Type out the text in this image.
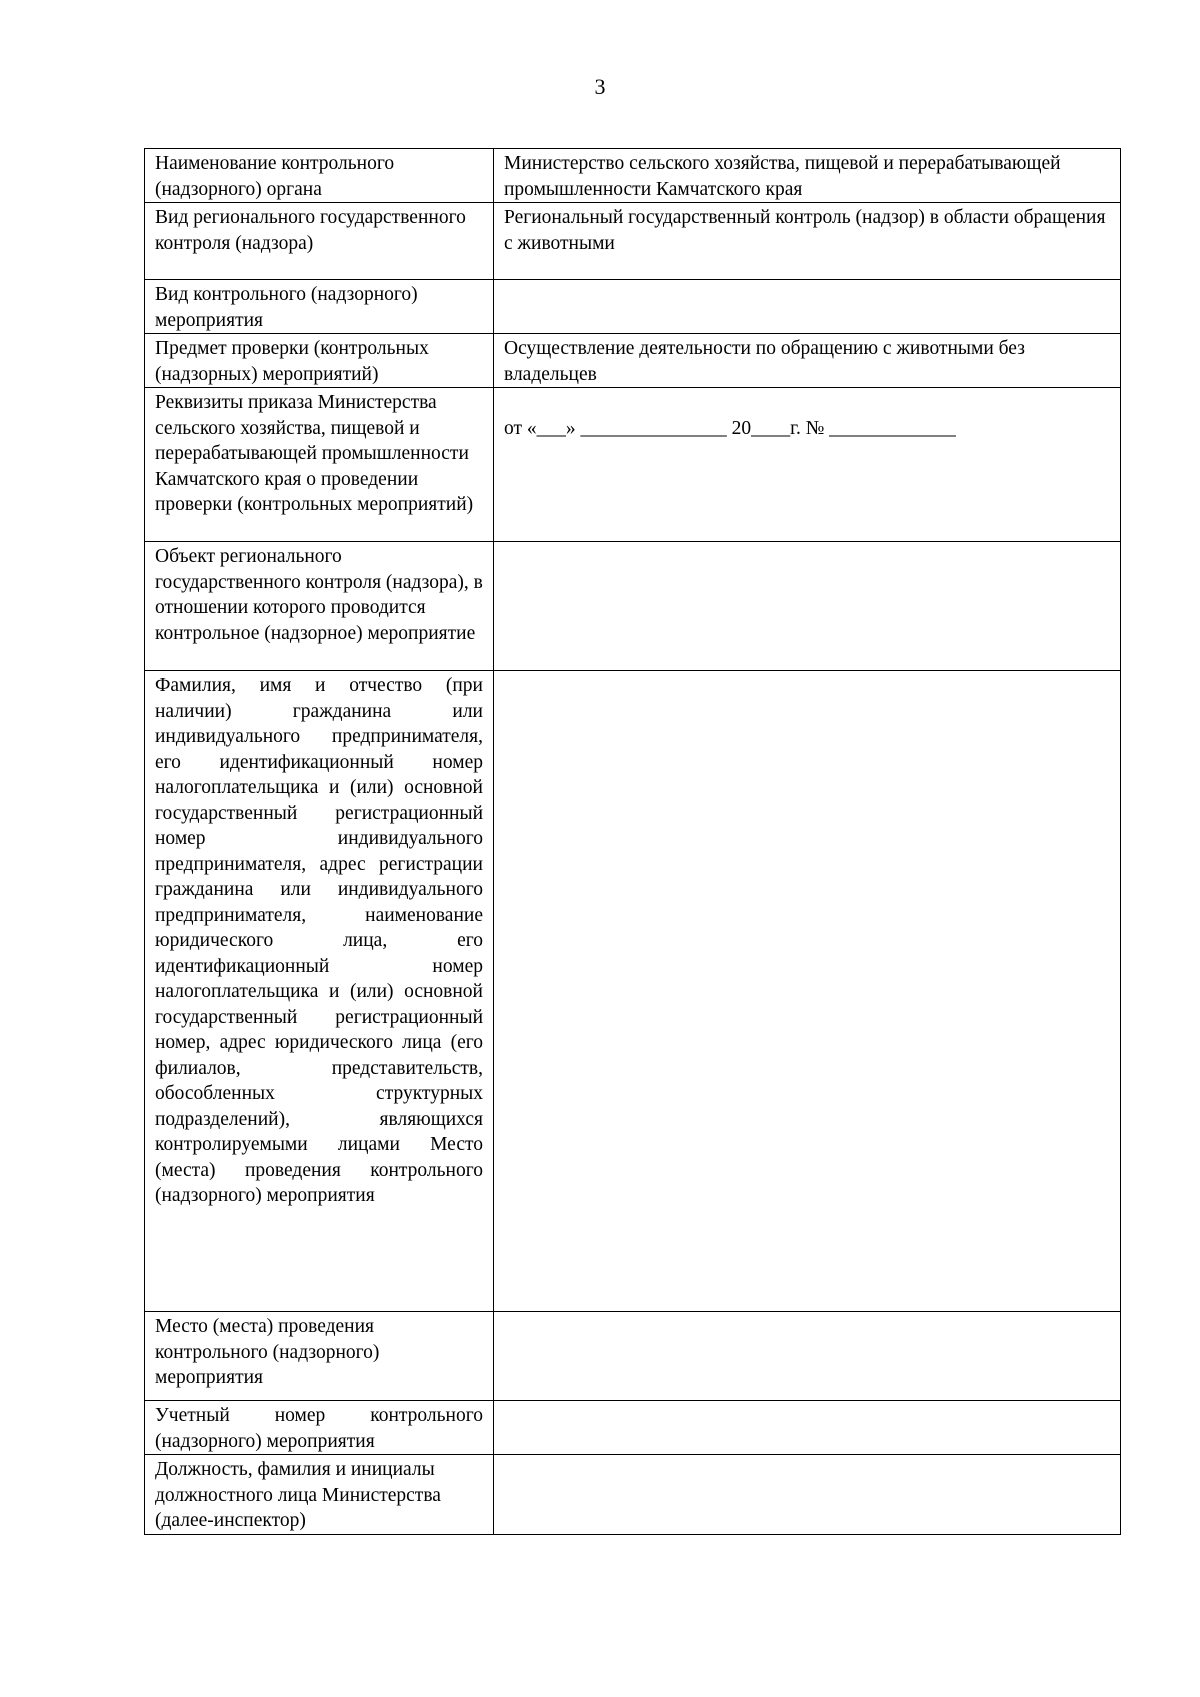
3
Наименование контрольного (надзорного) органа	Министерство сельского хозяйства, пищевой и перерабатывающей промышленности Камчатского края
Вид регионального государственного контроля (надзора)	Региональный государственный контроль (надзор) в области обращения с животными
Вид контрольного (надзорного) мероприятия	
Предмет проверки (контрольных (надзорных) мероприятий)	Осуществление деятельности по обращению с животными без владельцев
Реквизиты приказа Министерства сельского хозяйства, пищевой и перерабатывающей промышленности Камчатского края о проведении проверки (контрольных мероприятий)	от «___» _______________ 20____г. № _____________
Объект регионального государственного контроля (надзора), в отношении которого проводится контрольное (надзорное) мероприятие	
Фамилия, имя и отчество (при наличии) гражданина или индивидуального предпринимателя, его идентификационный номер налогоплательщика и (или) основной государственный регистрационный номер индивидуального предпринимателя, адрес регистрации гражданина или индивидуального предпринимателя, наименование юридического лица, его идентификационный номер налогоплательщика и (или) основной государственный регистрационный номер, адрес юридического лица (его филиалов, представительств, обособленных структурных подразделений), являющихся контролируемыми лицами Место (места) проведения контрольного (надзорного) мероприятия	
Место (места) проведения контрольного (надзорного) мероприятия	
Учетный номер контрольного (надзорного) мероприятия	
Должность, фамилия и инициалы должностного лица Министерства (далее-инспектор)	
